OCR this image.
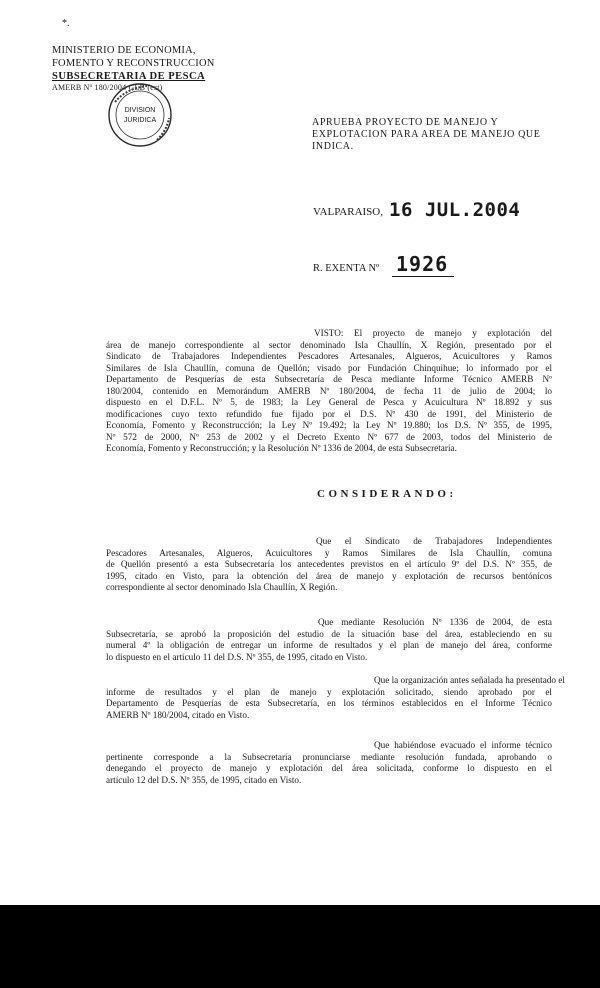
*.
MINISTERIO DE ECONOMIA,
FOMENTO Y RECONSTRUCCION
SUBSECRETARIA DE PESCA
AMERB Nº 180/2004 GLB (est)
DIVISION
JURIDICA	APRUEBA PROYECTO DE MANEJO Y
EXPLOTACION PARA AREA DE MANEJO QUE
INDICA.
VALPARAISO, 16 JUL.2004
R. EXENTA Nº 1926
VISTO: El proyecto de manejo y explotación del
área de manejo correspondiente al sector denominado Isla Chaullín, X Región, presentado por el
Sindicato de Trabajadores Independientes Pescadores Artesanales, Algueros, Acuicultores y Ramos
Similares de Isla Chaullín, comuna de Quellón; visado por Fundación Chinquihue; lo informado por el
Departamento de Pesquerías de esta Subsecretaría de Pesca mediante Informe Técnico AMERB Nº
180/2004, contenido en Memorándum AMERB Nº 180/2004, de fecha 11 de julio de 2004; lo
dispuesto en el D.F.L. Nº 5, de 1983; la Ley General de Pesca y Acuicultura Nº 18.892 y sus
modificaciones cuyo texto refundido fue fijado por el D.S. Nº 430 de 1991, del Ministerio de
Economía, Fomento y Reconstrucción; la Ley Nº 19.492; la Ley Nº 19.880; los D.S. Nº 355, de 1995,
Nº 572 de 2000, Nº 253 de 2002 y el Decreto Exento Nº 677 de 2003, todos del Ministerio de
Economía, Fomento y Reconstrucción; y la Resolución Nº 1336 de 2004, de esta Subsecretaría.
CONSIDERANDO:
Que el Sindicato de Trabajadores Independientes
Pescadores Artesanales, Algueros, Acuicultores y Ramos Similares de Isla Chaullín, comuna
de Quellón presentó a esta Subsecretaría los antecedentes previstos en el artículo 9º del D.S. Nº 355, de
1995, citado en Visto, para la obtención del área de manejo y explotación de recursos bentónicos
correspondiente al sector denominado Isla Chaullín, X Región.
Que mediante Resolución Nº 1336 de 2004, de esta
Subsecretaría, se aprobó la proposición del estudio de la situación base del área, estableciendo en su
numeral 4º la obligación de entregar un informe de resultados y el plan de manejo del área, conforme
lo dispuesto en el artículo 11 del D.S. Nº 355, de 1995, citado en Visto.
Que la organización antes señalada ha presentado el
informe de resultados y el plan de manejo y explotación solicitado, siendo aprobado por el
Departamento de Pesquerías de esta Subsecretaría, en los términos establecidos en el Informe Técnico
AMERB Nº 180/2004, citado en Visto.
Que habiéndose evacuado el informe técnico
pertinente corresponde a la Subsecretaría pronunciarse mediante resolución fundada, aprobando o
denegando el proyecto de manejo y explotación del área solicitada, conforme lo dispuesto en el
artículo 12 del D.S. Nº 355, de 1995, citado en Visto.
